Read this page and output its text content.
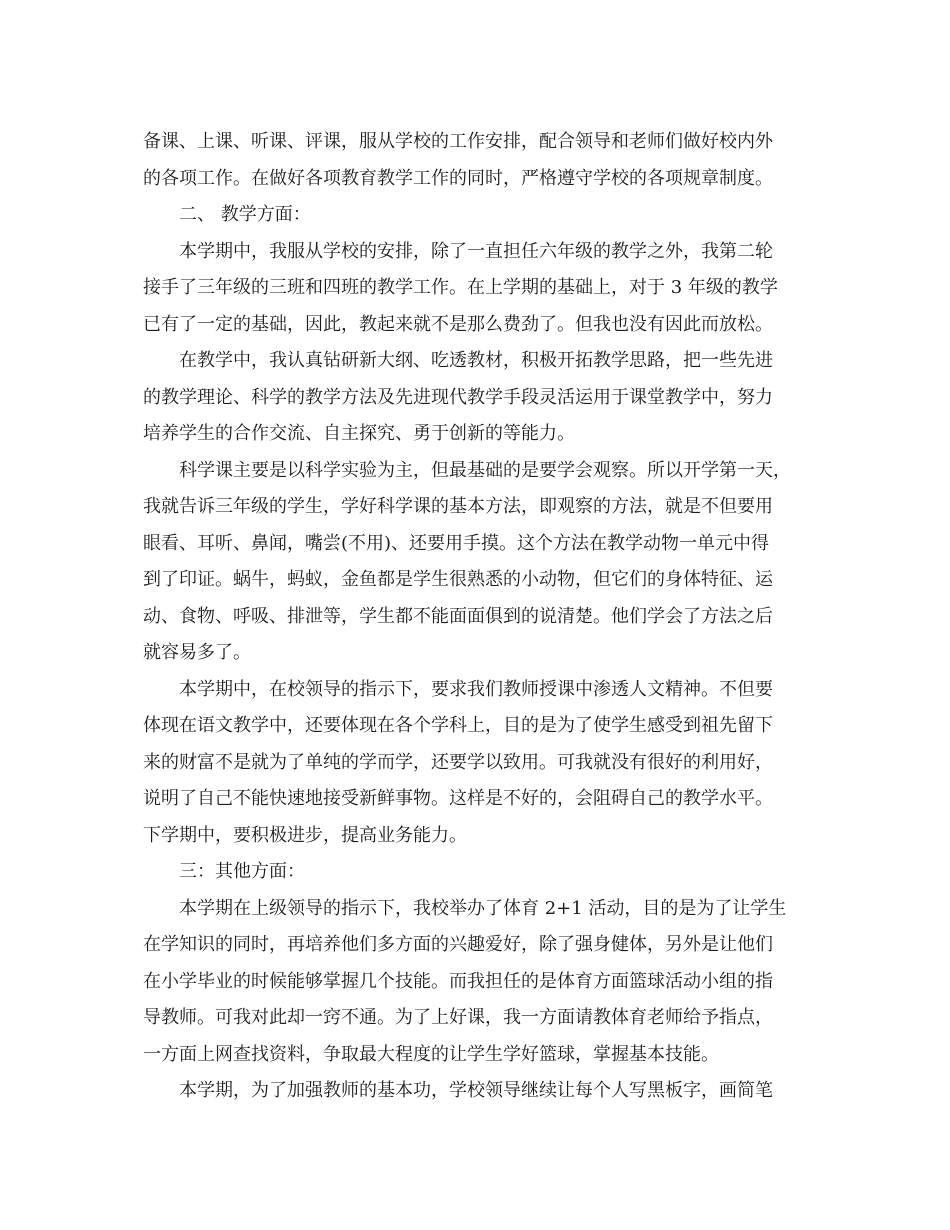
备课、上课、听课、评课，服从学校的工作安排，配合领导和老师们做好校内外
的各项工作。在做好各项教育教学工作的同时，严格遵守学校的各项规章制度。
二、 教学方面：
本学期中，我服从学校的安排，除了一直担任六年级的教学之外，我第二轮
接手了三年级的三班和四班的教学工作。在上学期的基础上，对于 3 年级的教学
已有了一定的基础，因此，教起来就不是那么费劲了。但我也没有因此而放松。
在教学中，我认真钻研新大纲、吃透教材，积极开拓教学思路，把一些先进
的教学理论、科学的教学方法及先进现代教学手段灵活运用于课堂教学中，努力
培养学生的合作交流、自主探究、勇于创新的等能力。
科学课主要是以科学实验为主，但最基础的是要学会观察。所以开学第一天，
我就告诉三年级的学生，学好科学课的基本方法，即观察的方法，就是不但要用
眼看、耳听、鼻闻，嘴尝(不用)、还要用手摸。这个方法在教学动物一单元中得
到了印证。蜗牛，蚂蚁，金鱼都是学生很熟悉的小动物，但它们的身体特征、运
动、食物、呼吸、排泄等，学生都不能面面俱到的说清楚。他们学会了方法之后
就容易多了。
本学期中，在校领导的指示下，要求我们教师授课中渗透人文精神。不但要
体现在语文教学中，还要体现在各个学科上，目的是为了使学生感受到祖先留下
来的财富不是就为了单纯的学而学，还要学以致用。可我就没有很好的利用好，
说明了自己不能快速地接受新鲜事物。这样是不好的，会阻碍自己的教学水平。
下学期中，要积极进步，提高业务能力。
三：其他方面：
本学期在上级领导的指示下，我校举办了体育 2+1 活动，目的是为了让学生
在学知识的同时，再培养他们多方面的兴趣爱好，除了强身健体，另外是让他们
在小学毕业的时候能够掌握几个技能。而我担任的是体育方面篮球活动小组的指
导教师。可我对此却一窍不通。为了上好课，我一方面请教体育老师给予指点，
一方面上网查找资料，争取最大程度的让学生学好篮球，掌握基本技能。
本学期，为了加强教师的基本功，学校领导继续让每个人写黑板字，画简笔
